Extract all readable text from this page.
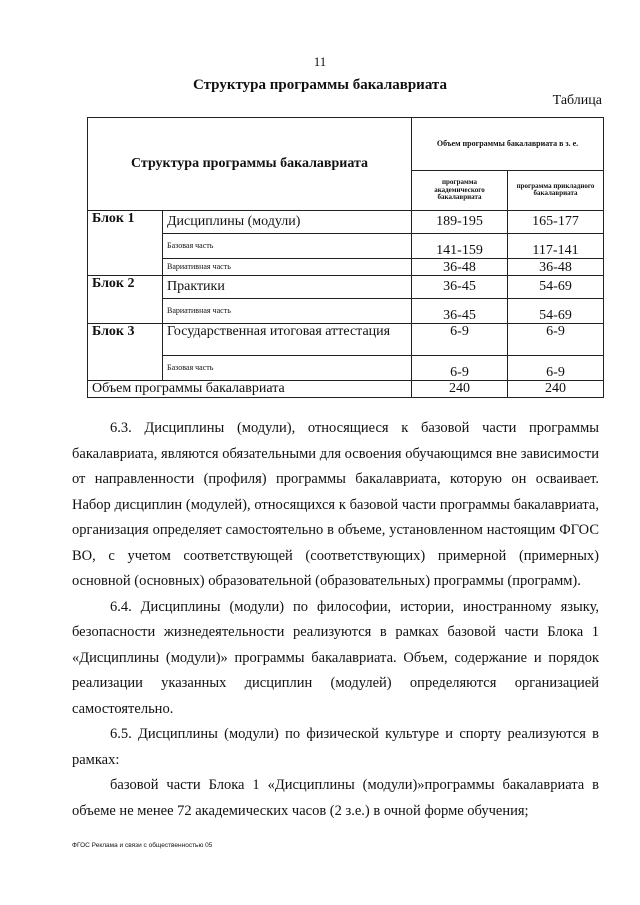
11
Структура программы бакалавриата
Таблица
Структура программы бакалавриата		Объем программы бакалавриата в з. е.	
		программа академического бакалавриата	программа прикладного бакалавриата
Блок 1	Дисциплины (модули)	189-195	165-177
	Базовая часть	141-159	117-141
	Вариативная часть	36-48	36-48
Блок 2	Практики	36-45	54-69
	Вариативная часть	36-45	54-69
Блок 3	Государственная итоговая аттестация	6-9	6-9
	Базовая часть	6-9	6-9
Объем программы бакалавриата		240	240

6.3. Дисциплины (модули), относящиеся к базовой части программы бакалавриата, являются обязательными для освоения обучающимся вне зависимости от направленности (профиля) программы бакалавриата, которую он осваивает. Набор дисциплин (модулей), относящихся к базовой части программы бакалавриата, организация определяет самостоятельно в объеме, установленном настоящим ФГОС ВО, с учетом соответствующей (соответствующих) примерной (примерных) основной (основных) образовательной (образовательных) программы (программ).

6.4. Дисциплины (модули) по философии, истории, иностранному языку, безопасности жизнедеятельности реализуются в рамках базовой части Блока 1 «Дисциплины (модули)» программы бакалавриата. Объем, содержание и порядок реализации указанных дисциплин (модулей) определяются организацией самостоятельно.

6.5. Дисциплины (модули) по физической культуре и спорту реализуются в рамках:

базовой части Блока 1 «Дисциплины (модули)»программы бакалавриата в объеме не менее 72 академических часов (2 з.е.) в очной форме обучения;

ФГОС Реклама и связи с общественностью 05
